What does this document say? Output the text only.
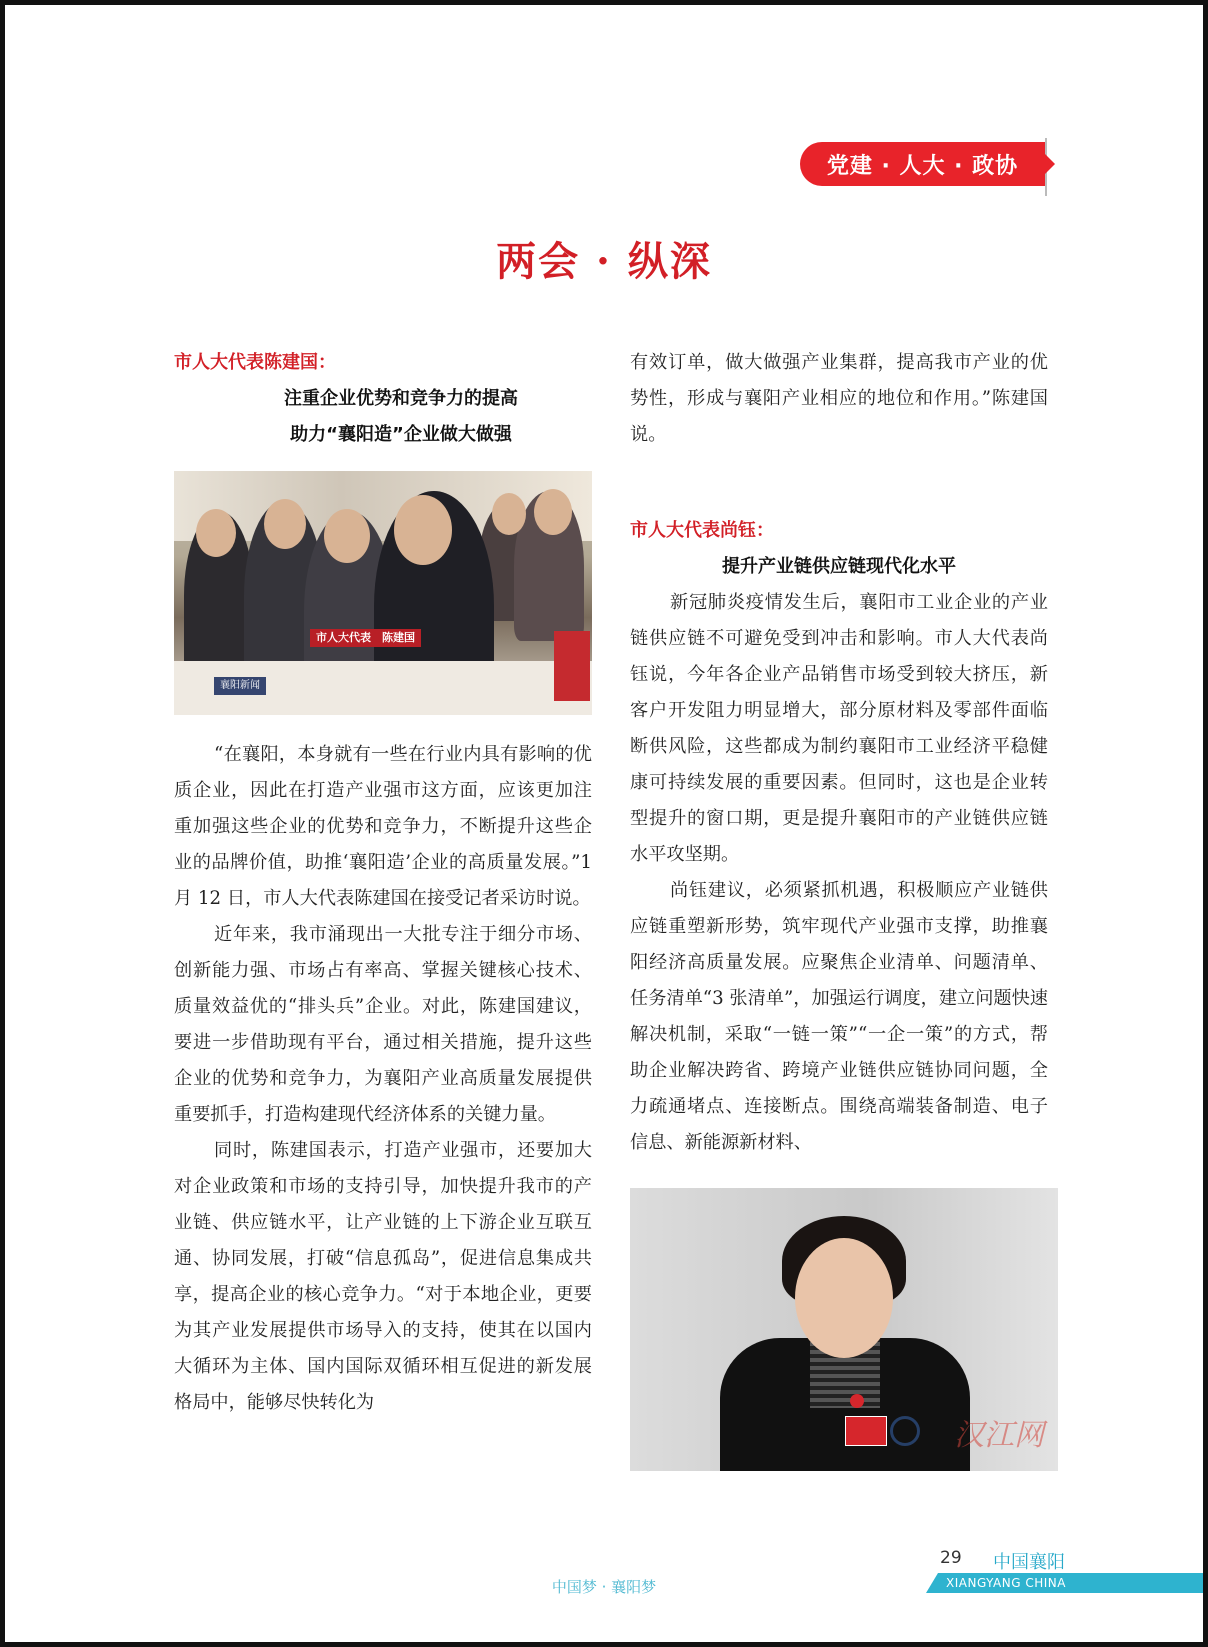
党建 · 人大 · 政协
两会 · 纵深
市人大代表陈建国：
注重企业优势和竞争力的提高
助力“襄阳造”企业做大做强
市人大代表　陈建国
襄阳新闻

“在襄阳，本身就有一些在行业内具有影响的优质企业，因此在打造产业强市这方面，应该更加注重加强这些企业的优势和竞争力，不断提升这些企业的品牌价值，助推‘襄阳造’企业的高质量发展。”1 月 12 日，市人大代表陈建国在接受记者采访时说。

近年来，我市涌现出一大批专注于细分市场、创新能力强、市场占有率高、掌握关键核心技术、质量效益优的“排头兵”企业。对此，陈建国建议，要进一步借助现有平台，通过相关措施，提升这些企业的优势和竞争力，为襄阳产业高质量发展提供重要抓手，打造构建现代经济体系的关键力量。

同时，陈建国表示，打造产业强市，还要加大对企业政策和市场的支持引导，加快提升我市的产业链、供应链水平，让产业链的上下游企业互联互通、协同发展，打破“信息孤岛”，促进信息集成共享，提高企业的核心竞争力。“对于本地企业，更要为其产业发展提供市场导入的支持，使其在以国内大循环为主体、国内国际双循环相互促进的新发展格局中，能够尽快转化为

有效订单，做大做强产业集群，提高我市产业的优势性，形成与襄阳产业相应的地位和作用。”陈建国说。

市人大代表尚钰：
提升产业链供应链现代化水平

新冠肺炎疫情发生后，襄阳市工业企业的产业链供应链不可避免受到冲击和影响。市人大代表尚钰说，今年各企业产品销售市场受到较大挤压，新客户开发阻力明显增大，部分原材料及零部件面临断供风险，这些都成为制约襄阳市工业经济平稳健康可持续发展的重要因素。但同时，这也是企业转型提升的窗口期，更是提升襄阳市的产业链供应链水平攻坚期。

尚钰建议，必须紧抓机遇，积极顺应产业链供应链重塑新形势，筑牢现代产业强市支撑，助推襄阳经济高质量发展。应聚焦企业清单、问题清单、任务清单“3 张清单”，加强运行调度，建立问题快速解决机制，采取“一链一策”“一企一策”的方式，帮助企业解决跨省、跨境产业链供应链协同问题，全力疏通堵点、连接断点。围绕高端装备制造、电子信息、新能源新材料、

汉江网
29 中国襄阳
XIANGYANG CHINA
中国梦 · 襄阳梦
